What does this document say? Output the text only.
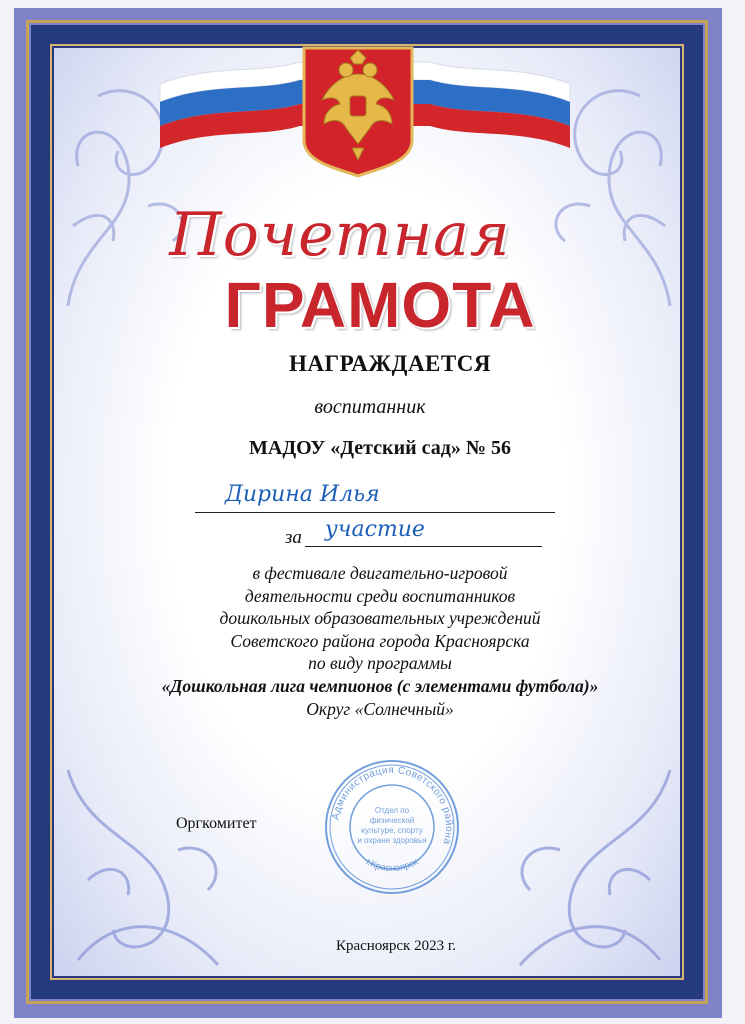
Почетная
ГРАМОТА
НАГРАЖДАЕТСЯ
воспитанник
МАДОУ «Детский сад» № 56
Дирина Илья
за участие
в фестивале двигательно-игровой
деятельности среди воспитанников
дошкольных образовательных учреждений
Советского района города Красноярска
по виду программы
«Дошкольная лига чемпионов (с элементами футбола)»
Округ «Солнечный»
Оргкомитет	Администрация Советского района
г.Красноярск
Отдел по
физической
культуре, спорту
и охране здоровья
Красноярск 2023 г.
